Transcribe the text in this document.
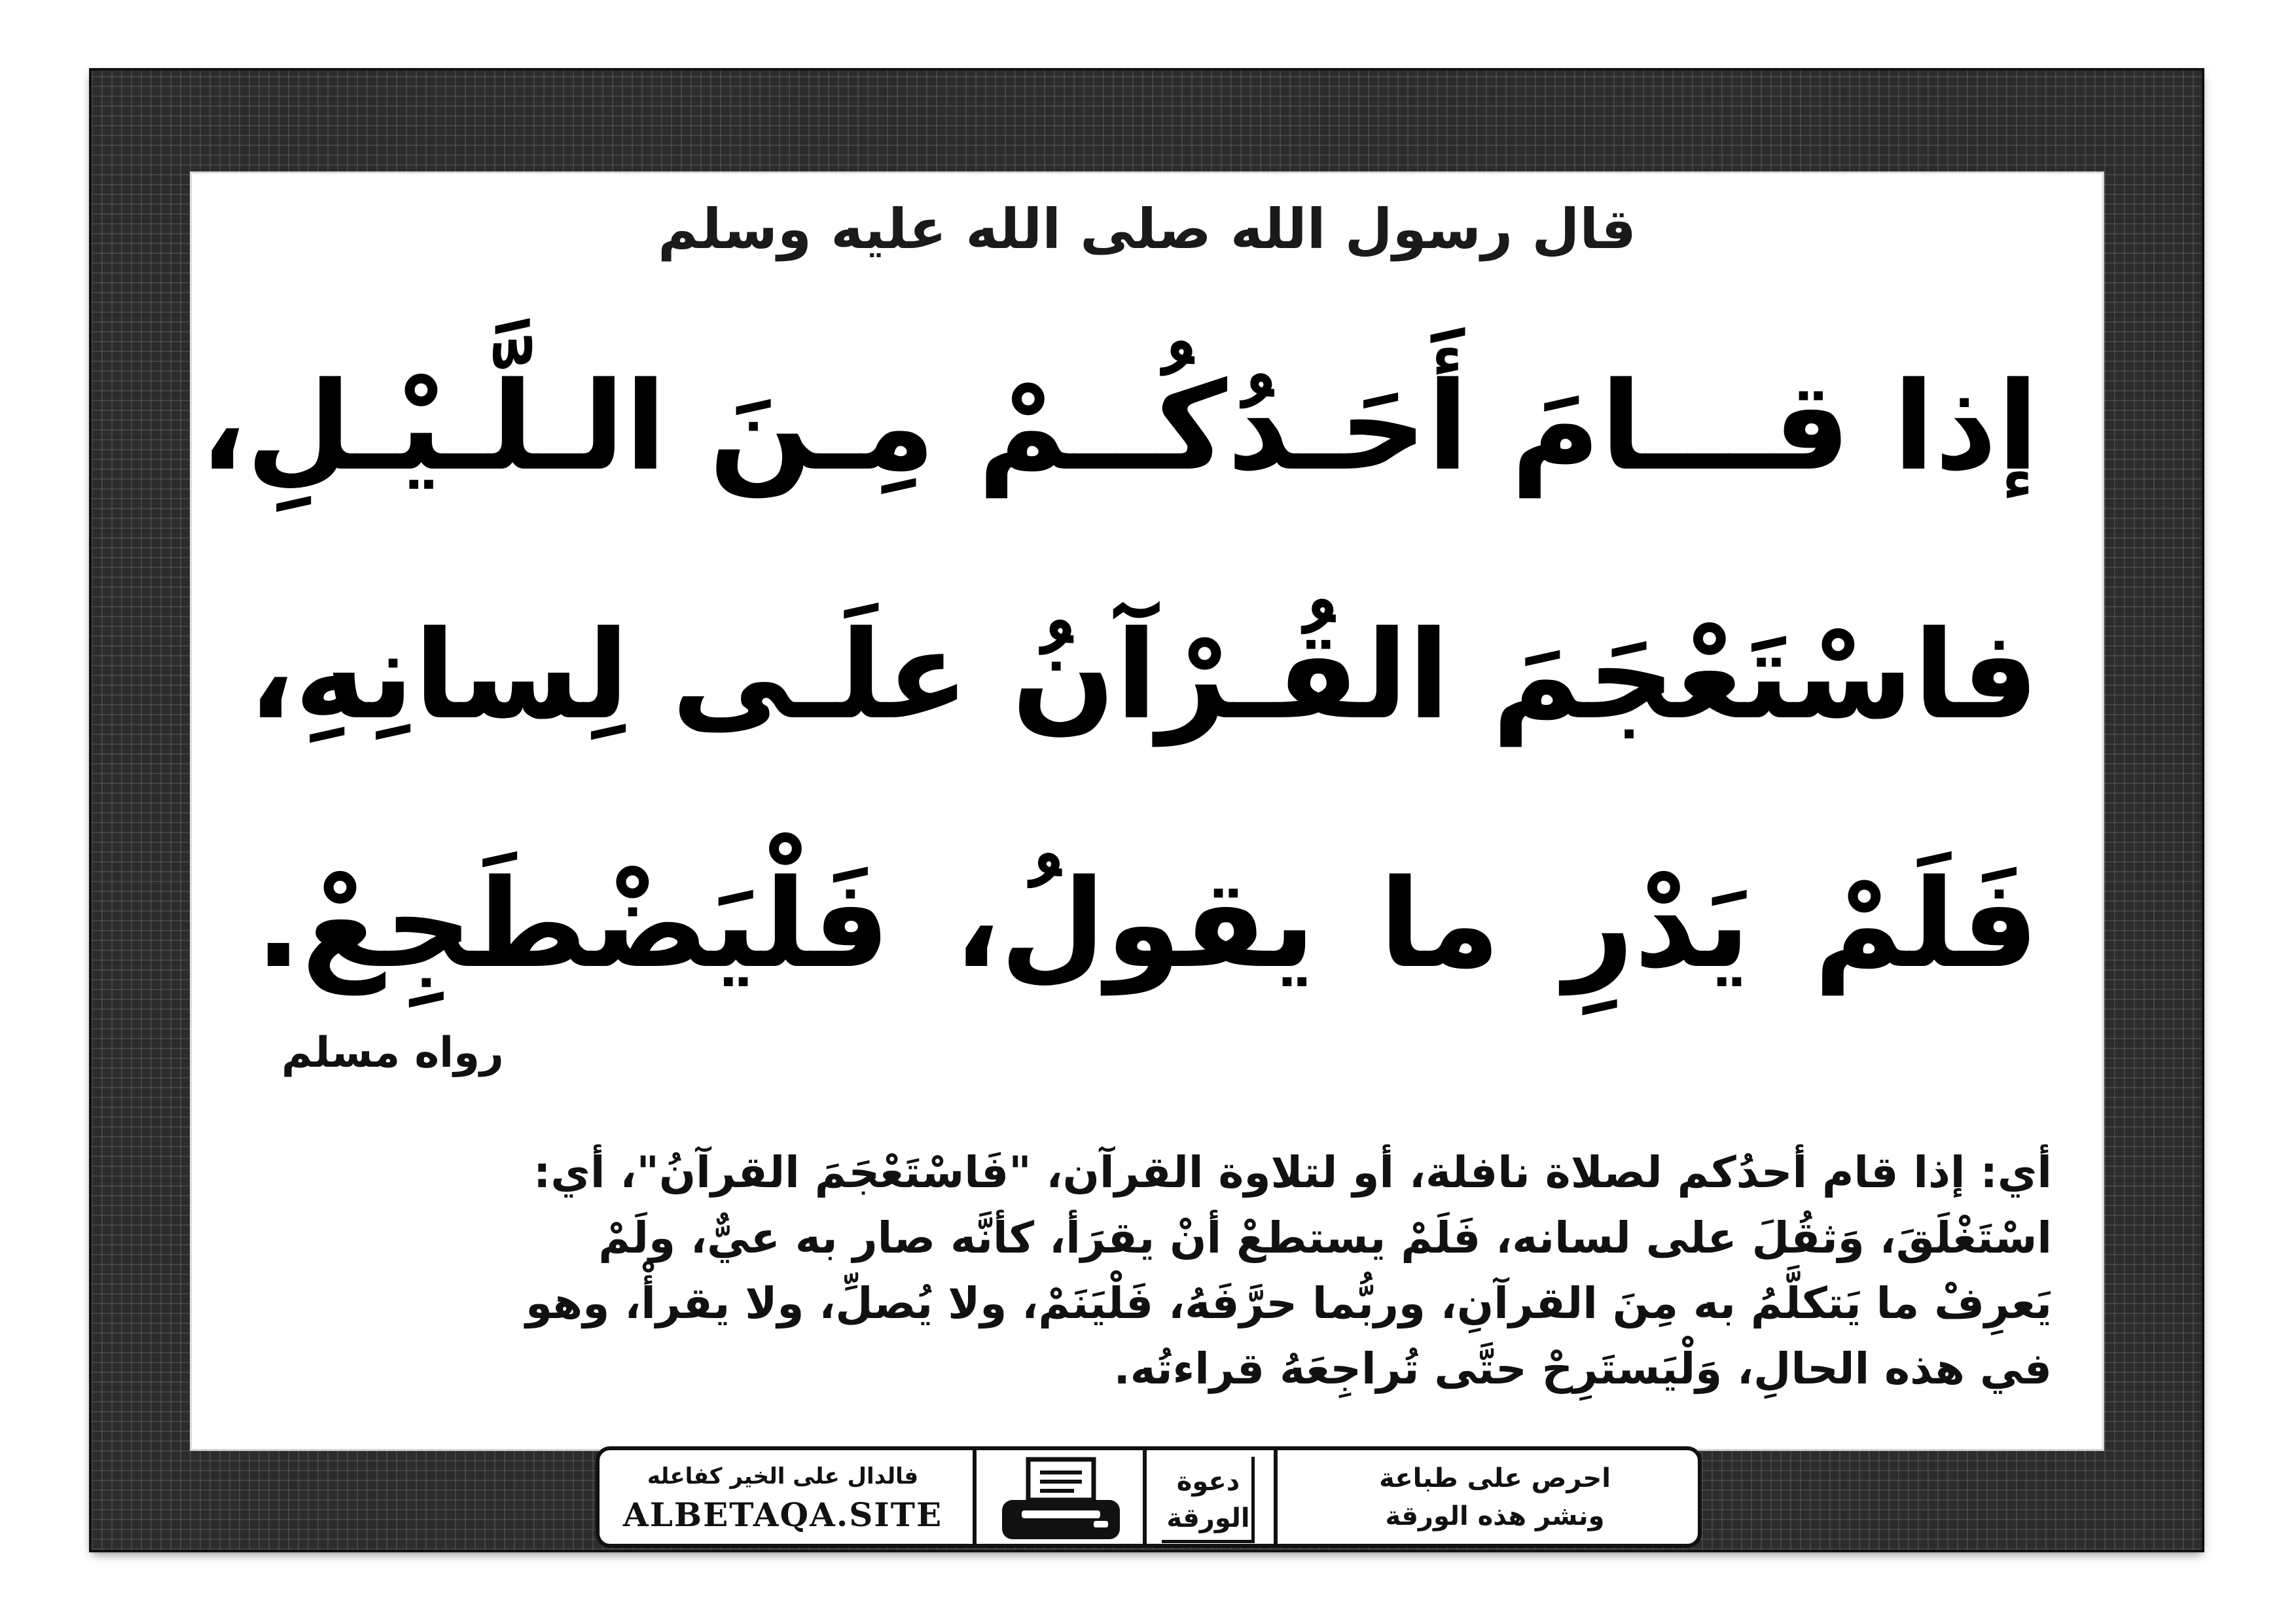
قال رسول الله صلى الله عليه وسلم
إذا قـــامَ أَحَـدُكُــمْ مِـنَ الـلَّـيْـلِ،
فاسْتَعْجَمَ القُـرْآنُ علَـى لِسانِهِ،
فَلَمْ يَدْرِ ما يقولُ، فَلْيَضْطَجِعْ.
رواه مسلم
أي: إذا قام أحدُكم لصلاة نافلة، أو لتلاوة القرآن، "فَاسْتَعْجَمَ القرآنُ"، أي:
اسْتَغْلَقَ، وَثقُلَ على لسانه، فَلَمْ يستطعْ أنْ يقرَأ، كأنَّه صار به عيٌّ، ولَمْ
يَعرِفْ ما يَتكلَّمُ به مِنَ القرآنِ، وربُّما حرَّفَهُ، فَلْيَنَمْ، ولا يُصلِّ، ولا يقرأْ، وهو
في هذه الحالِ، وَلْيَستَرِحْ حتَّى تُراجِعَهُ قراءتُه.
فالدال على الخير كفاعله
ALBETAQA.SITE
دعوة
الورقة
احرص على طباعة
ونشر هذه الورقة
